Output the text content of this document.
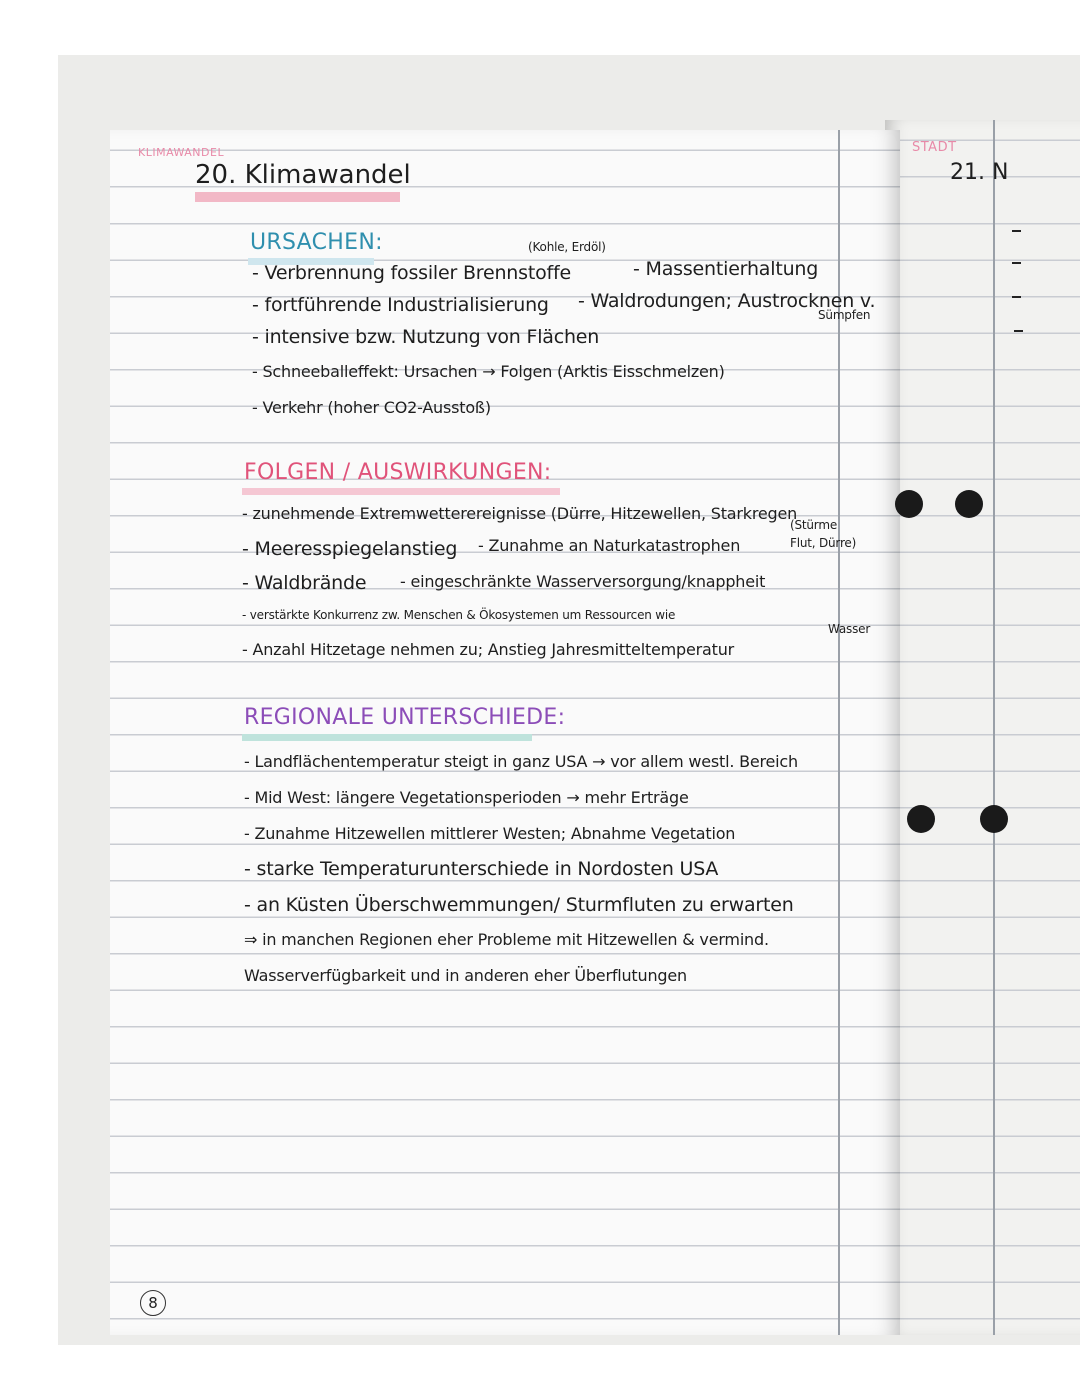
KLIMAWANDEL
20. Klimawandel
STADT
21. N
URSACHEN:	(Kohle, Erdöl)
- Verbrennung fossiler Brennstoffe	- Massentierhaltung
- fortführende Industrialisierung - Waldrodungen; Austrocknen v.
Sümpfen
- intensive bzw. Nutzung von Flächen
- Schneeballeffekt: Ursachen → Folgen (Arktis Eisschmelzen)
- Verkehr (hoher CO2-Ausstoß)
FOLGEN / AUSWIRKUNGEN:
- zunehmende Extremwetterereignisse (Dürre, Hitzewellen, Starkregen
(Stürme
- Meeresspiegelanstieg - Zunahme an Naturkatastrophen	Flut, Dürre)
- Waldbrände - eingeschränkte Wasserversorgung/knappheit
- verstärkte Konkurrenz zw. Menschen & Ökosystemen um Ressourcen wie
Wasser
- Anzahl Hitzetage nehmen zu; Anstieg Jahresmitteltemperatur
REGIONALE UNTERSCHIEDE:
- Landflächentemperatur steigt in ganz USA → vor allem westl. Bereich
- Mid West: längere Vegetationsperioden → mehr Erträge
- Zunahme Hitzewellen mittlerer Westen; Abnahme Vegetation
- starke Temperaturunterschiede in Nordosten USA
- an Küsten Überschwemmungen/ Sturmfluten zu erwarten
⇒ in manchen Regionen eher Probleme mit Hitzewellen & vermind.
Wasserverfügbarkeit und in anderen eher Überflutungen
8
